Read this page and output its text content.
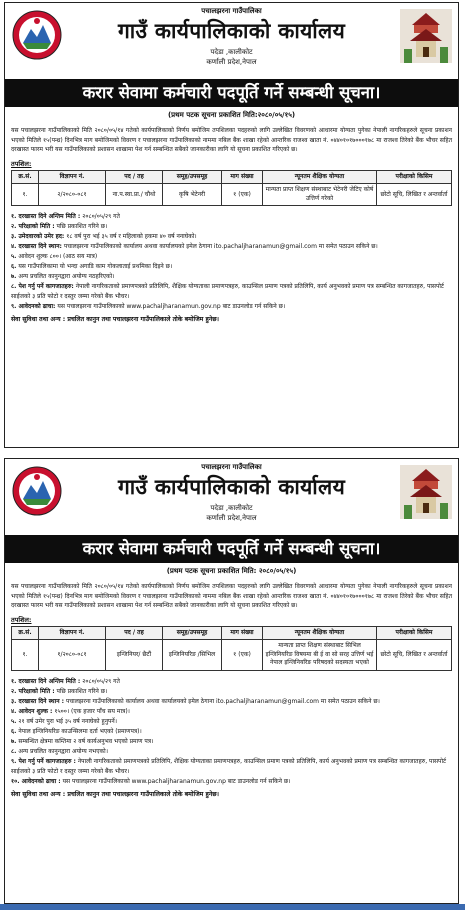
पचालझरना गाउँपालिका
गाउँ कार्यपालिकाको कार्यालय
पदेडा ,कालीकोट
कर्णाली प्रदेश,नेपाल
करार सेवामा कर्मचारी पदपूर्ति गर्ने सम्बन्धी सूचना।
(प्रथम पटक सूचना प्रकाशित मिति:२०८०/०५/१५)
यस पचालझरना गाउँपालिकाको मिति २०८०/०५/१४ गतेको कार्यपालिकाको निर्णय बमोजिम तपशिलका पदहरुको लागि उल्लेखित विवरणको आधारमा योग्यता पुगेका नेपाली नागरिकहरुले सूचना प्रकाशन भएको मितिले १५(पन्ध्र) दिनभित्र माग बमोजिमको विवरण र पचालझरना गाउँपालिकाको नाममा नबिल बैंक शाखा रहेको आन्तरिक राजश्व खाता नं. ०४४०१०१७०००१७८ मा राजश्व तिरेको बैंक भौचर सहित दरखास्त फारम भरी यस गाउँपालिकाको प्रशासन शाखामा पेश गर्न सम्बन्धित सबैको जानकारीका लागि यो सूचना प्रकाशित गरिएको छ।
तपशिल:
क्र.सं.	विज्ञापन नं.	पद / तह	समूह/उपसमूह	माग संख्या	न्यूनतम शैक्षिक योग्यता	परीक्षाको किसिम
१.	२/२०८०-०८१	ना.प.स्वा.प्रा./ चौथो	कृषि भेटेनरी	१ (एक)	मान्यता प्राप्त शिक्षण संस्थाबाट भेटेनरी जेटिए कोर्ष उत्तिर्ण गरेको	छोटो सूचि, लिखित र अन्तर्वार्ता
१. दरखास्त दिने अन्तिम मिति : २०८०/०५/२९ गते
२. परिक्षाको मिति : पछि प्रकाशित गरिने छ।
३. उमेदवारको उमेर हद: १८ वर्ष पुरा भई ३५ वर्ष र महिलाको हकमा ४० वर्ष ननाघेको।
४. दरखास्त दिने स्थान: पचालझरना गाउँपालिकाको कार्यालय अथवा कार्यालयको इमेल ठेगाना ito.pachaljharanamun@gmail.com मा समेत पठाउन सकिने छ।
५. आवेदन शुल्क ८००। (आठ सय मात्र)
६. यस गाउँपालिकामा यो भन्दा अगाडि काम गोकलाताई प्रथमिका दिइने छ।
७. अन्य प्रचलित कानुनद्वारा अयोग्य नठहरिएको।
८. पेश गर्नु पर्ने कागजातहरु: नेपाली नागरिकताको प्रमाणपत्रको प्रतिलिपि, शैक्षिक योग्यताका प्रमाणपत्रहरु, काउन्सिल प्रमाण पत्रको प्रतिलिपि, कार्य अनुभवको प्रमाण पत्र सम्बन्धित कागजातहरु, पासपोर्ट साईजको ३ प्रति फोटो र दस्तुर जम्मा गरेको बैंक भौचर।
९. आवेदनको ढाचा: यस पचालझरना गाउँपालिकाको www.pachaljharanamun.gov.np बाट डाउनलोड गर्न सकिने छ।
सेवा सुविधा तथा अन्य : प्रचलित कानुन तथा पचालझरना गाउँपालिकाले तोके बमोजिम हुनेछ।
पचालझरना गाउँपालिका
गाउँ कार्यपालिकाको कार्यालय
पदेडा ,कालीकोट
कर्णाली प्रदेश,नेपाल
करार सेवामा कर्मचारी पदपूर्ति गर्ने सम्बन्धी सूचना।
(प्रथम पटक सूचना प्रकाशित मिति: २०८०/०५/१५)
यस पचालझरना गाउँपालिकाको मिति २०८०/०५/१४ गतेको कार्यपालिकाको निर्णय बमोजिम तपशिलका पदहरुको लागि उल्लेखित विवरणको आधारमा योग्यता पुगेका नेपाली नागरिकहरुले सूचना प्रकाशन भएको मितिले १५(पन्ध्र) दिनभित्र माग बमोजिमको विवरण र पचालझरना गाउँपालिकाको नाममा नबिल बैंक शाखा रहेको आन्तरिक राजश्व खाता नं. ०४४०१०१७०००१७८ मा राजश्व तिरेको बैंक भौचर सहित दरखास्त फारम भरी यस गाउँपालिकाको प्रशासन शाखामा पेश गर्न सम्बन्धित सबैको जानकारीका लागि यो सूचना प्रकाशित गरिएको छ।
तपशिल:
क्र.सं.	विज्ञापन नं.	पद / तह	समूह/उपसमूह	माग संख्या	न्यूनतम शैक्षिक योग्यता	परीक्षाको किसिम
१.	१/२०८०-०८१	इन्जिनियर/ छैटौं	इन्जिनियरिङ /सिभिल	१ (एक)	मान्यता प्राप्त शिक्षण संस्थाबाट सिभिल इन्जिनियरिङ विषयमा बी ई वा सो सरह उत्तिर्ण भई नेपाल इन्जिनियरिङ परिषदको सदस्यता भएको	छोटो सूचि, लिखित र अन्तर्वार्ता
१. दरखास्त दिने अन्तिम मिति : २०८०/०५/२९ गते
२. परिक्षाको मिति : पछि प्रकाशित गरिने छ।
३. दरखास्त दिने स्थान : पचालझरना गाउँपालिकाको कार्यालय अथवा कार्यालयको इमेल ठेगाना ito.pachaljharanamun@gmail.com मा समेत पठाउन सकिने छ।
४. आवेदन शुल्क : १५००। (एक हजार पाँच सय मात्र)।
५. २१ वर्ष उमेर पुरा भई ३५ वर्ष ननाघेको हुनुपर्ने।
६. नेपाल इन्जिनियरिङ काउन्सिलमा दर्ता भएको (प्रमाणपत्र)।
७. सम्बन्धित क्षेत्रमा कम्तिमा २ वर्ष कार्यअनुभव भएको प्रमाण पत्र।
८. अन्य प्रचलित कानुनद्वारा अयोग्य नभएको।
९. पेश गर्नु पर्ने कागजातहरु : नेपाली नागरिकताको प्रमाणपत्रको प्रतिलिपि, शैक्षिक योग्यताका प्रमाणपत्रहरु, काउन्सिल प्रमाण पत्रको प्रतिलिपि, कार्य अनुभवको प्रमाण पत्र सम्बन्धित कागजातहरु, पासपोर्ट साईजको ३ प्रति फोटो र दस्तुर जम्मा गरेको बैंक भौचर।
१०. आवेदनको ढाचा : यस पचालझरना गाउँपालिकाको www.pachaljharanamun.gov.np बाट डाउनलोड गर्न सकिने छ।
सेवा सुविधा तथा अन्य : प्रचलित कानुन तथा पचालझरना गाउँपालिकाले तोके बमोजिम हुनेछ।
